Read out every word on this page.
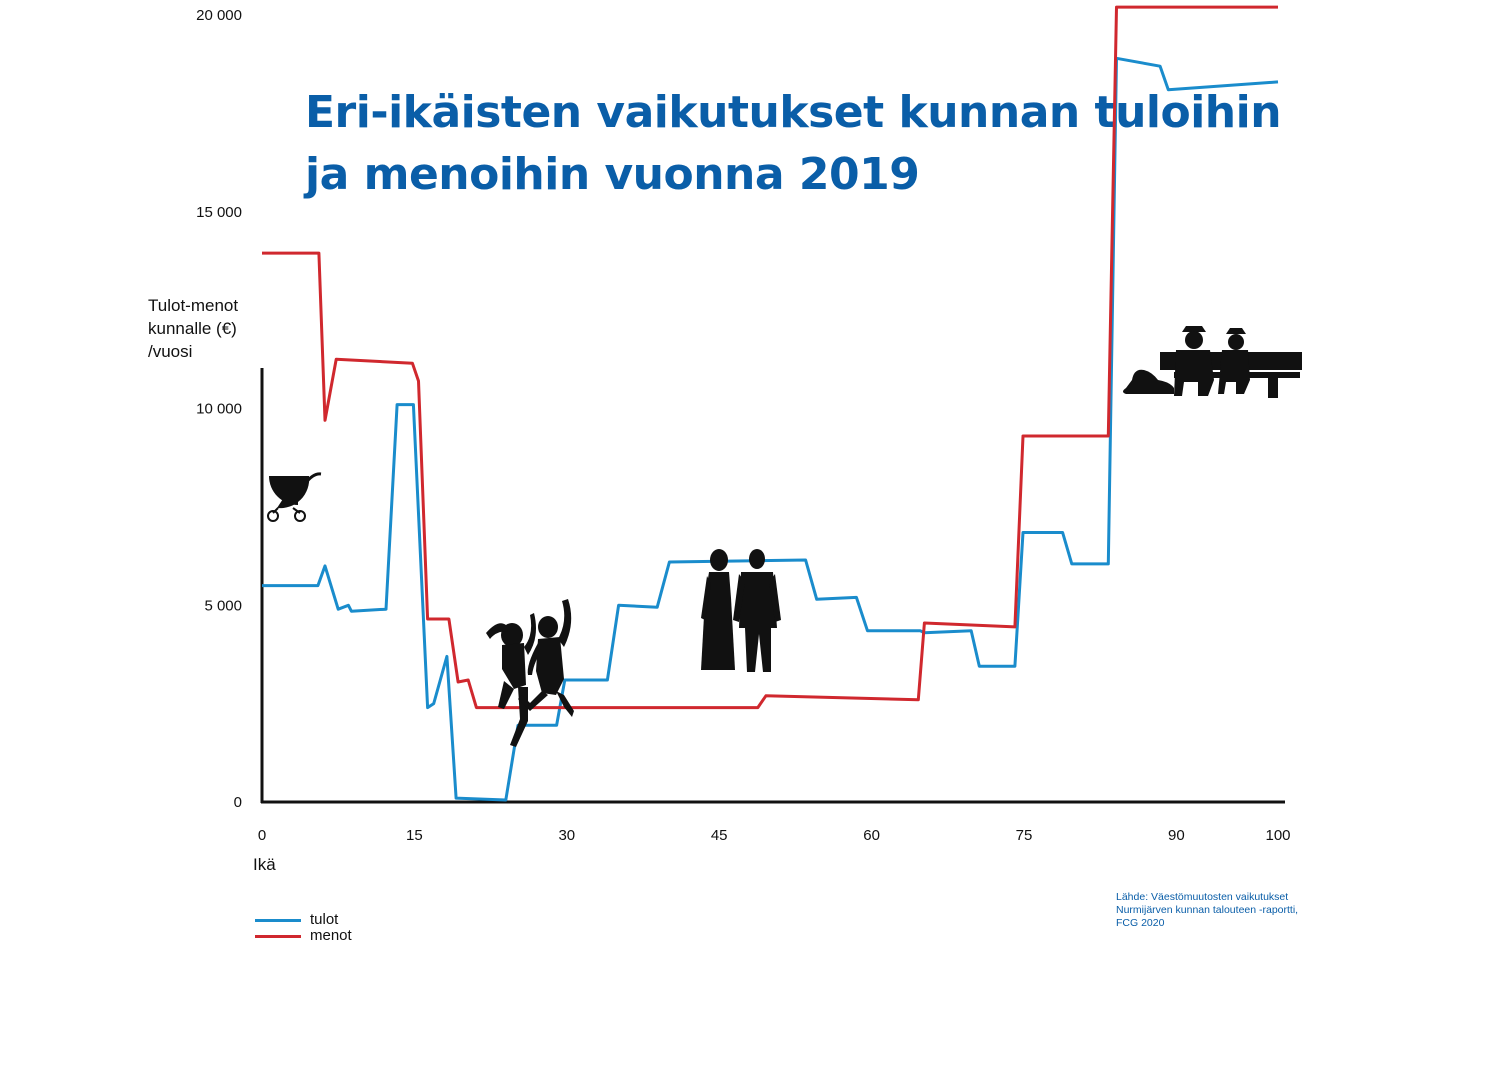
Eri-ikäisten vaikutukset kunnan tuloihin
ja menoihin vuonna 2019
Tulot-menot
kunnalle (€)
/vuosi
Ikä
0
5 000
10 000
15 000
20 000
0	15	30	45	60	75	90	100
tulot
menot
Lähde: Väestömuutosten vaikutukset
Nurmijärven kunnan talouteen -raportti,
FCG 2020
